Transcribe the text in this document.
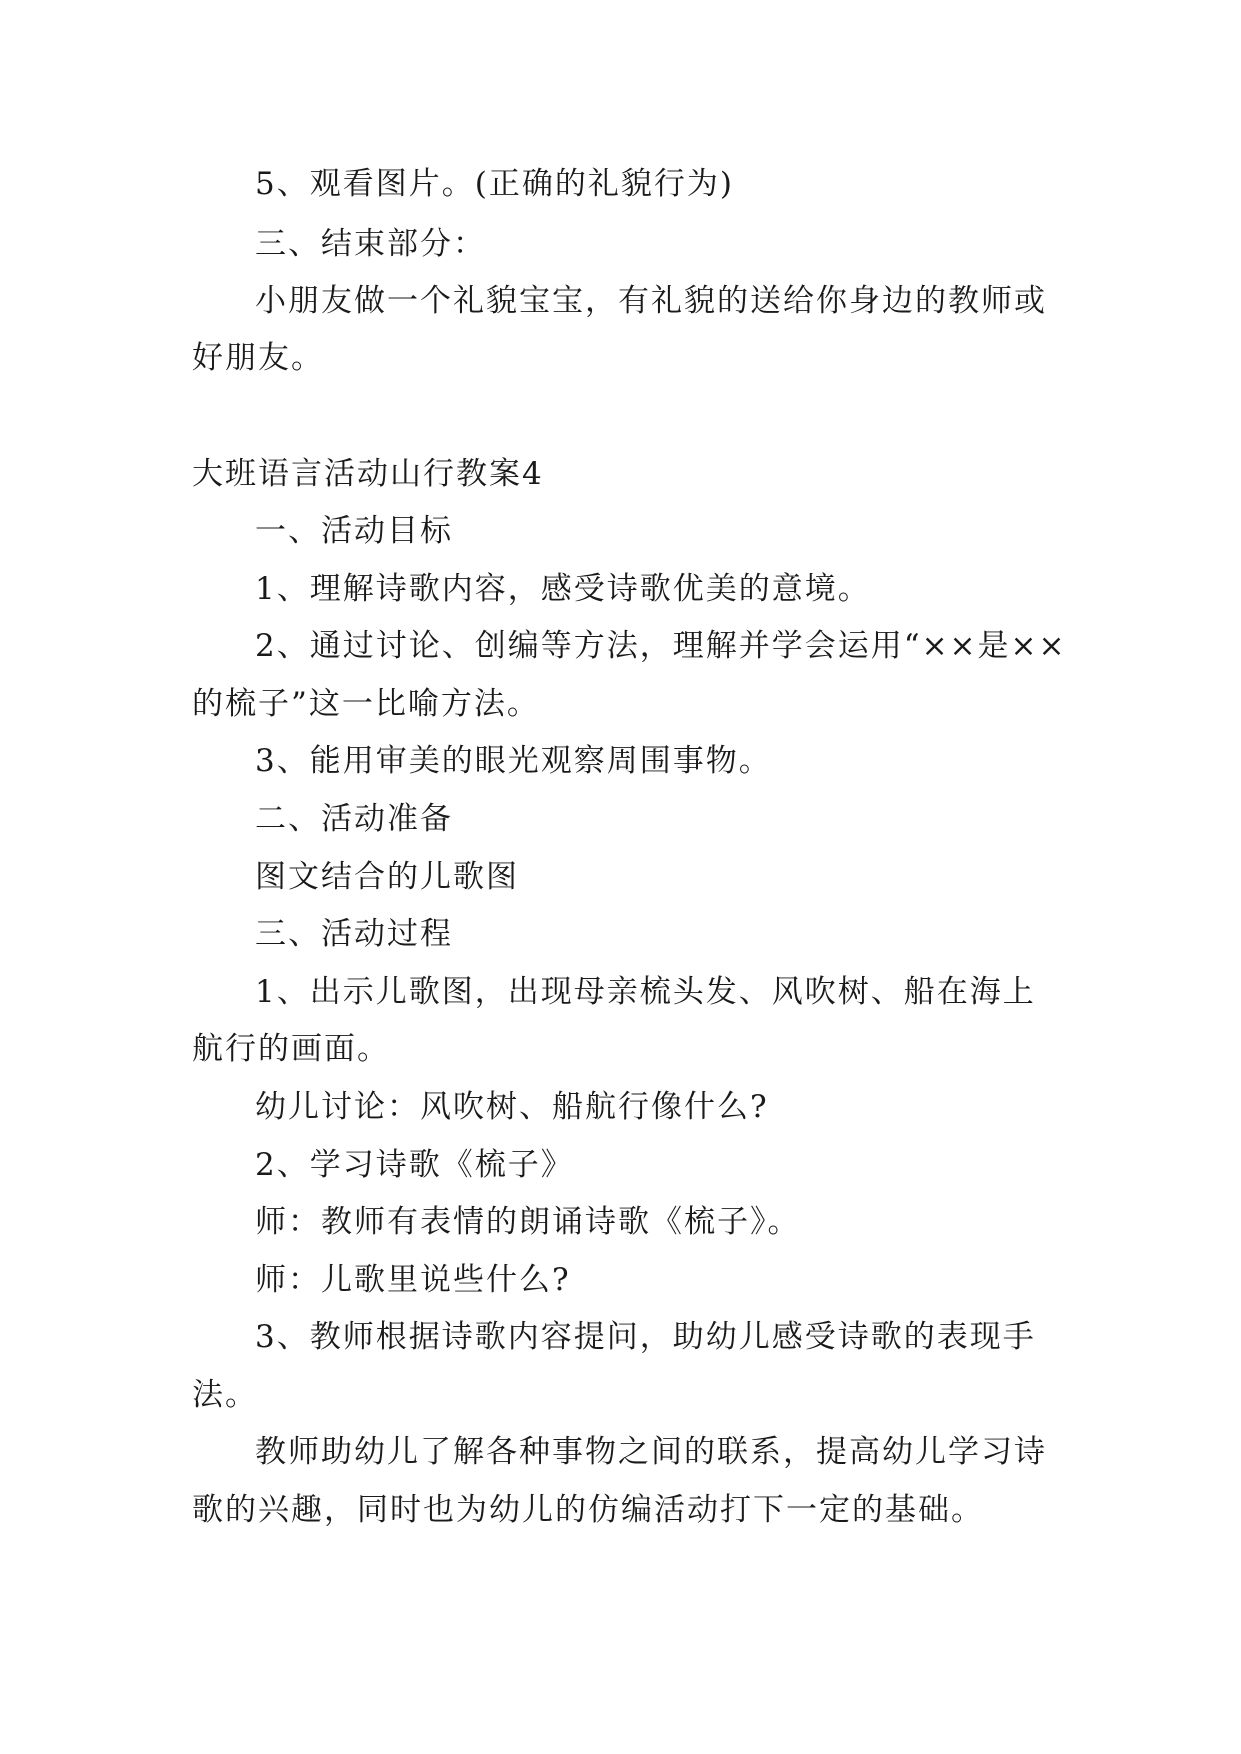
5、观看图片。(正确的礼貌行为)
三、结束部分：
小朋友做一个礼貌宝宝，有礼貌的送给你身边的教师或
好朋友。
大班语言活动山行教案4
一、活动目标
1、理解诗歌内容，感受诗歌优美的意境。
2、通过讨论、创编等方法，理解并学会运用“××是××
的梳子”这一比喻方法。
3、能用审美的眼光观察周围事物。
二、活动准备
图文结合的儿歌图
三、活动过程
1、出示儿歌图，出现母亲梳头发、风吹树、船在海上
航行的画面。
幼儿讨论：风吹树、船航行像什么?
2、学习诗歌《梳子》
师：教师有表情的朗诵诗歌《梳子》。
师：儿歌里说些什么?
3、教师根据诗歌内容提问，助幼儿感受诗歌的表现手
法。
教师助幼儿了解各种事物之间的联系，提高幼儿学习诗
歌的兴趣，同时也为幼儿的仿编活动打下一定的基础。
